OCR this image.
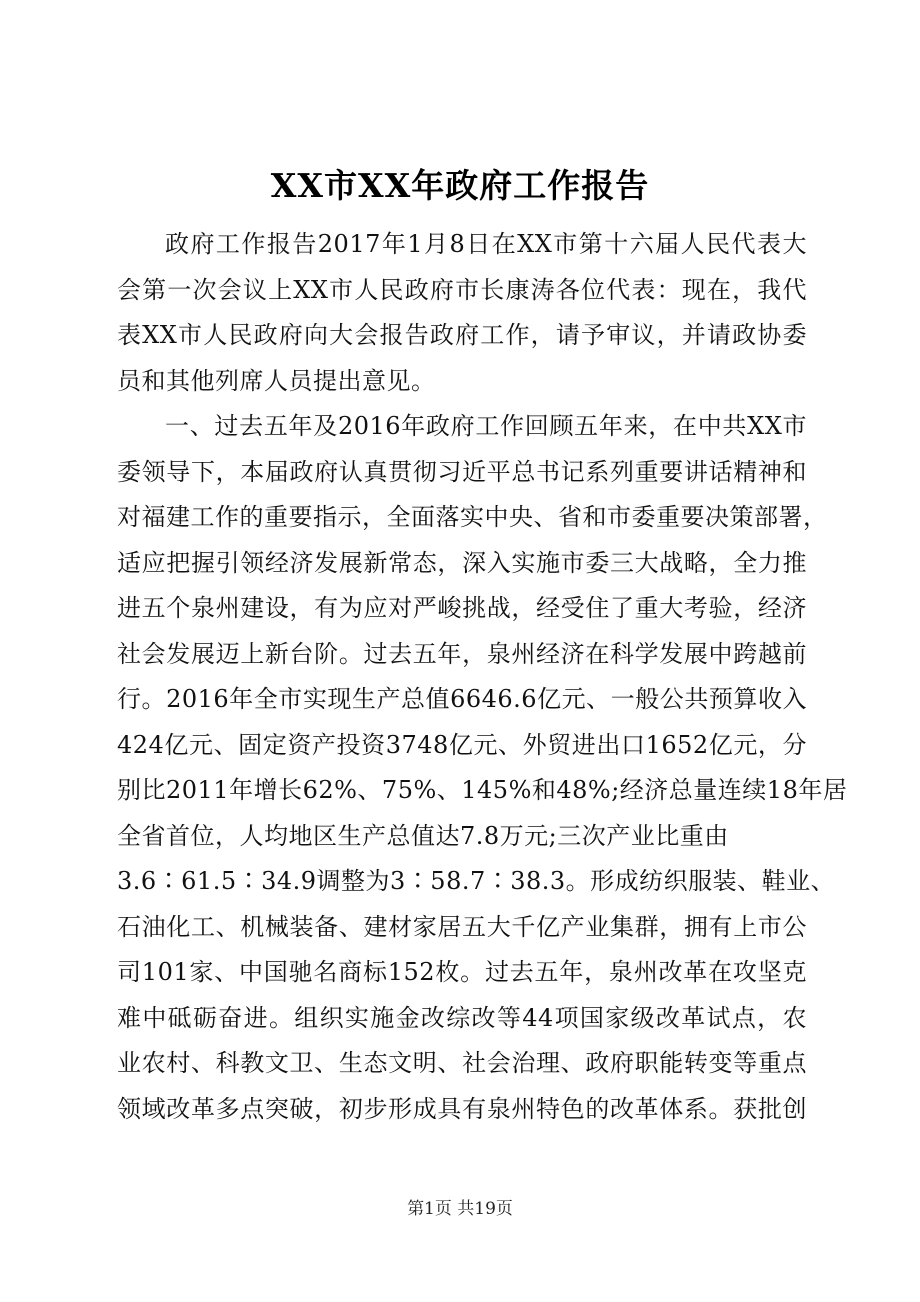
XX市XX年政府工作报告
政府工作报告2017年1月8日在XX市第十六届人民代表大
会第一次会议上XX市人民政府市长康涛各位代表：现在，我代
表XX市人民政府向大会报告政府工作，请予审议，并请政协委
员和其他列席人员提出意见。
一、过去五年及2016年政府工作回顾五年来，在中共XX市
委领导下，本届政府认真贯彻习近平总书记系列重要讲话精神和
对福建工作的重要指示，全面落实中央、省和市委重要决策部署，
适应把握引领经济发展新常态，深入实施市委三大战略，全力推
进五个泉州建设，有为应对严峻挑战，经受住了重大考验，经济
社会发展迈上新台阶。过去五年，泉州经济在科学发展中跨越前
行。2016年全市实现生产总值6646.6亿元、一般公共预算收入
424亿元、固定资产投资3748亿元、外贸进出口1652亿元，分
别比2011年增长62%、75%、145%和48%;经济总量连续18年居
全省首位，人均地区生产总值达7.8万元;三次产业比重由
3.6∶61.5∶34.9调整为3∶58.7∶38.3。形成纺织服装、鞋业、
石油化工、机械装备、建材家居五大千亿产业集群，拥有上市公
司101家、中国驰名商标152枚。过去五年，泉州改革在攻坚克
难中砥砺奋进。组织实施金改综改等44项国家级改革试点，农
业农村、科教文卫、生态文明、社会治理、政府职能转变等重点
领域改革多点突破，初步形成具有泉州特色的改革体系。获批创
第1页 共19页
